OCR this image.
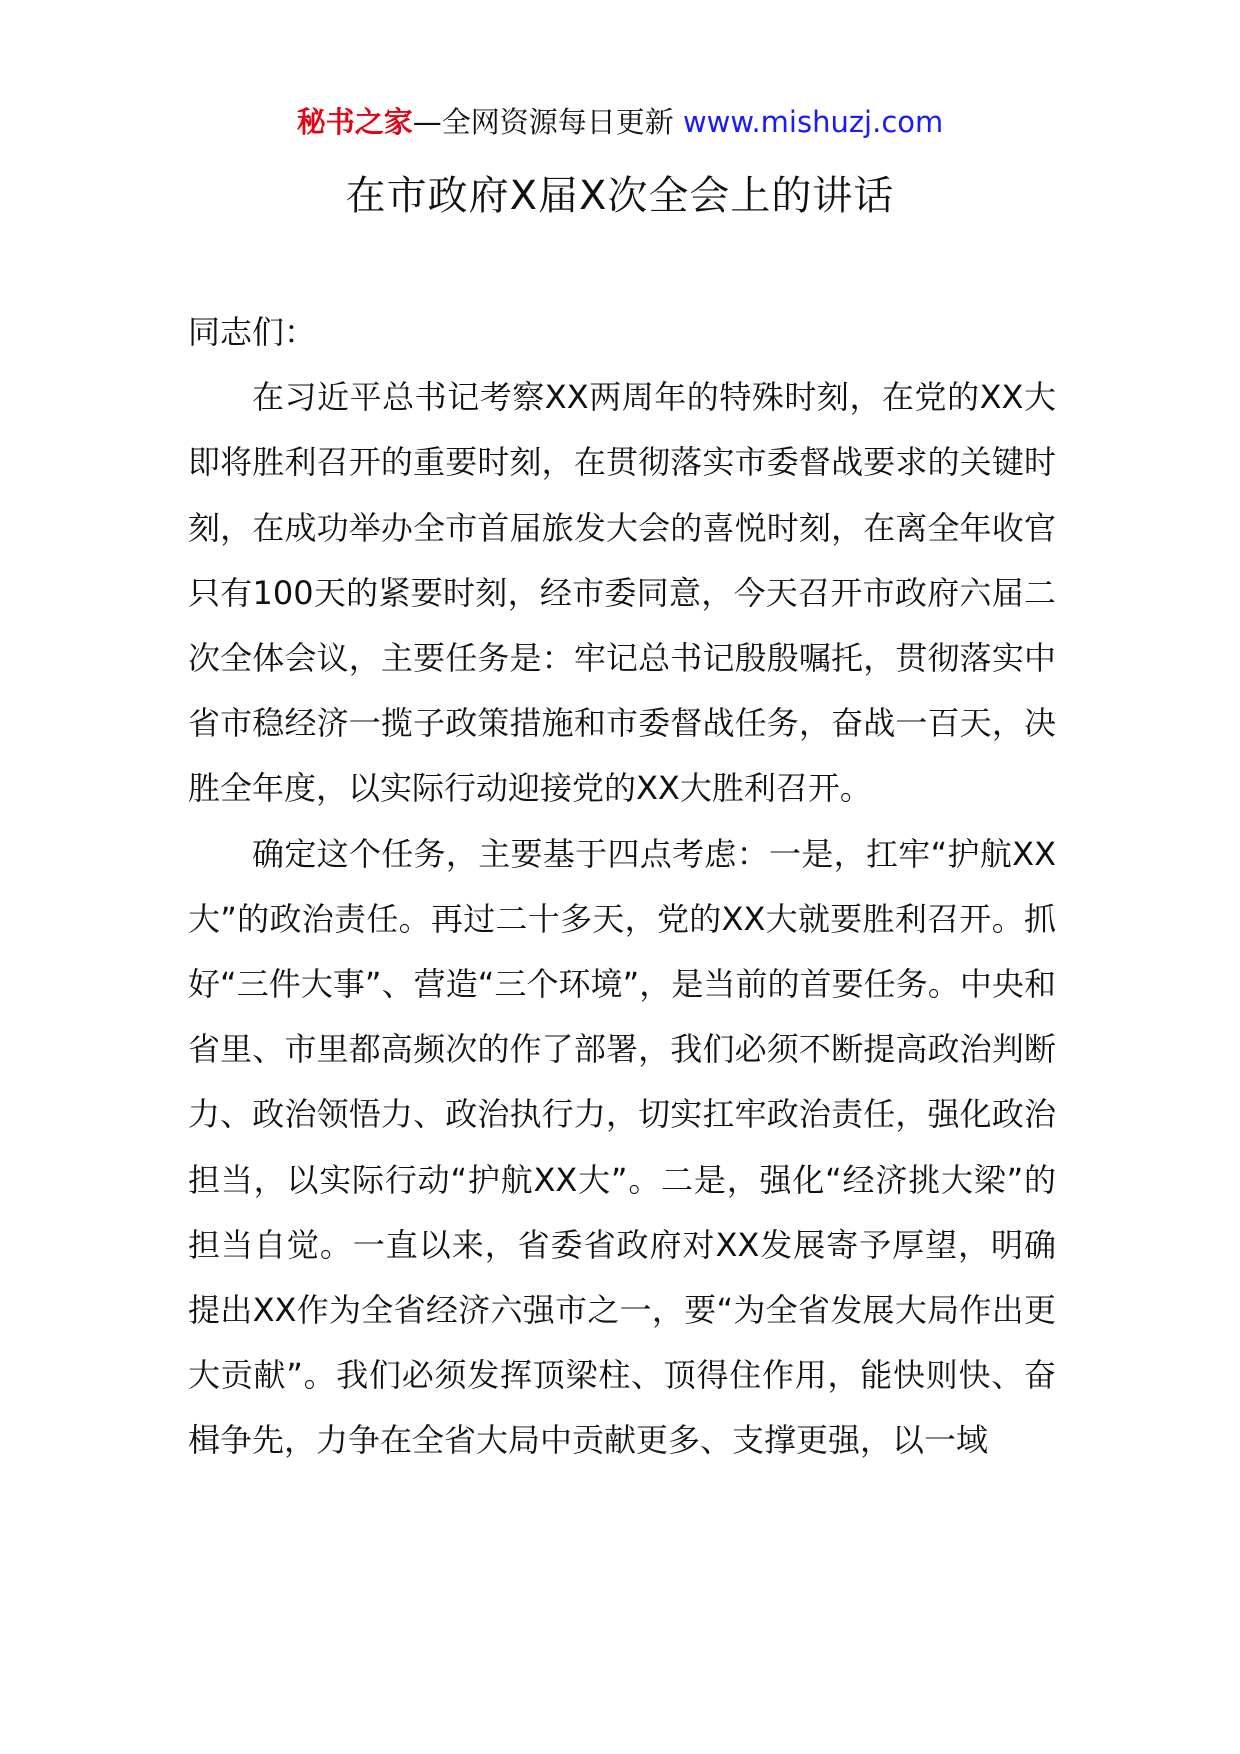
秘书之家—全网资源每日更新 www.mishuzj.com
在市政府Ⅹ届Ⅹ次全会上的讲话

同志们：

在习近平总书记考察XX两周年的特殊时刻，在党的XX大即将胜利召开的重要时刻，在贯彻落实市委督战要求的关键时刻，在成功举办全市首届旅发大会的喜悦时刻，在离全年收官只有100天的紧要时刻，经市委同意，今天召开市政府六届二次全体会议，主要任务是：牢记总书记殷殷嘱托，贯彻落实中省市稳经济一揽子政策措施和市委督战任务，奋战一百天，决胜全年度，以实际行动迎接党的XX大胜利召开。

确定这个任务，主要基于四点考虑：一是，扛牢“护航XX大”的政治责任。再过二十多天，党的XX大就要胜利召开。抓好“三件大事”、营造“三个环境”，是当前的首要任务。中央和省里、市里都高频次的作了部署，我们必须不断提高政治判断力、政治领悟力、政治执行力，切实扛牢政治责任，强化政治担当，以实际行动“护航XX大”。二是，强化“经济挑大梁”的担当自觉。一直以来，省委省政府对XX发展寄予厚望，明确提出XX作为全省经济六强市之一，要“为全省发展大局作出更大贡献”。我们必须发挥顶梁柱、顶得住作用，能快则快、奋楫争先，力争在全省大局中贡献更多、支撑更强，以一域
